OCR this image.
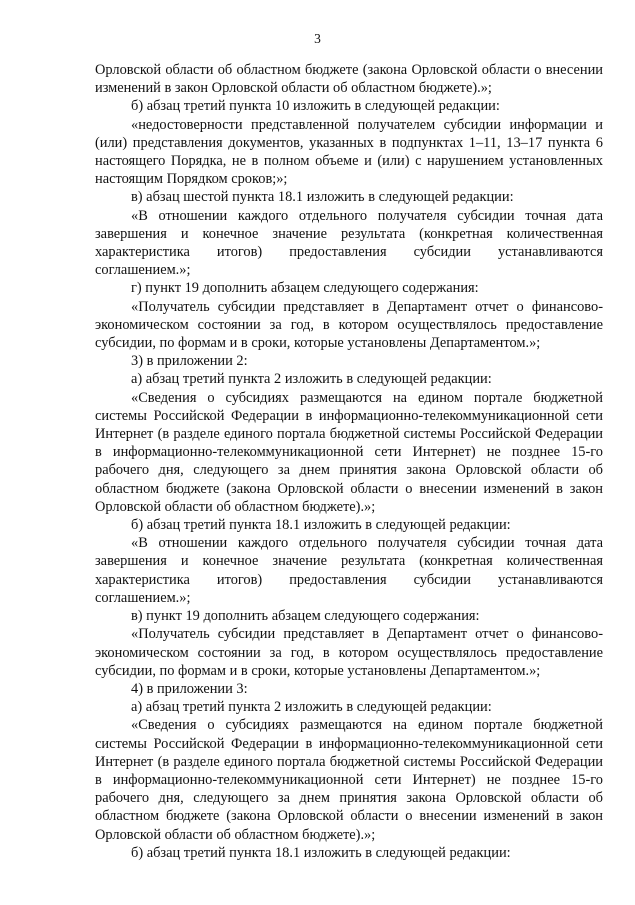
3

Орловской области об областном бюджете (закона Орловской области о внесении изменений в закон Орловской области об областном бюджете).»;

б) абзац третий пункта 10 изложить в следующей редакции:

«недостоверности представленной получателем субсидии информации и (или) представления документов, указанных в подпунктах 1–11, 13–17 пункта 6 настоящего Порядка, не в полном объеме и (или) с нарушением установленных настоящим Порядком сроков;»;

в) абзац шестой пункта 18.1 изложить в следующей редакции:

«В отношении каждого отдельного получателя субсидии точная дата завершения и конечное значение результата (конкретная количественная характеристика итогов) предоставления субсидии устанавливаются соглашением.»;

г) пункт 19 дополнить абзацем следующего содержания:

«Получатель субсидии представляет в Департамент отчет о финансово-экономическом состоянии за год, в котором осуществлялось предоставление субсидии, по формам и в сроки, которые установлены Департаментом.»;

3) в приложении 2:

а) абзац третий пункта 2 изложить в следующей редакции:

«Сведения о субсидиях размещаются на едином портале бюджетной системы Российской Федерации в информационно-телекоммуникационной сети Интернет (в разделе единого портала бюджетной системы Российской Федерации в информационно-телекоммуникационной сети Интернет) не позднее 15-го рабочего дня, следующего за днем принятия закона Орловской области об областном бюджете (закона Орловской области о внесении изменений в закон Орловской области об областном бюджете).»;

б) абзац третий пункта 18.1 изложить в следующей редакции:

«В отношении каждого отдельного получателя субсидии точная дата завершения и конечное значение результата (конкретная количественная характеристика итогов) предоставления субсидии устанавливаются соглашением.»;

в) пункт 19 дополнить абзацем следующего содержания:

«Получатель субсидии представляет в Департамент отчет о финансово-экономическом состоянии за год, в котором осуществлялось предоставление субсидии, по формам и в сроки, которые установлены Департаментом.»;

4) в приложении 3:

а) абзац третий пункта 2 изложить в следующей редакции:

«Сведения о субсидиях размещаются на едином портале бюджетной системы Российской Федерации в информационно-телекоммуникационной сети Интернет (в разделе единого портала бюджетной системы Российской Федерации в информационно-телекоммуникационной сети Интернет) не позднее 15-го рабочего дня, следующего за днем принятия закона Орловской области об областном бюджете (закона Орловской области о внесении изменений в закон Орловской области об областном бюджете).»;

б) абзац третий пункта 18.1 изложить в следующей редакции:
